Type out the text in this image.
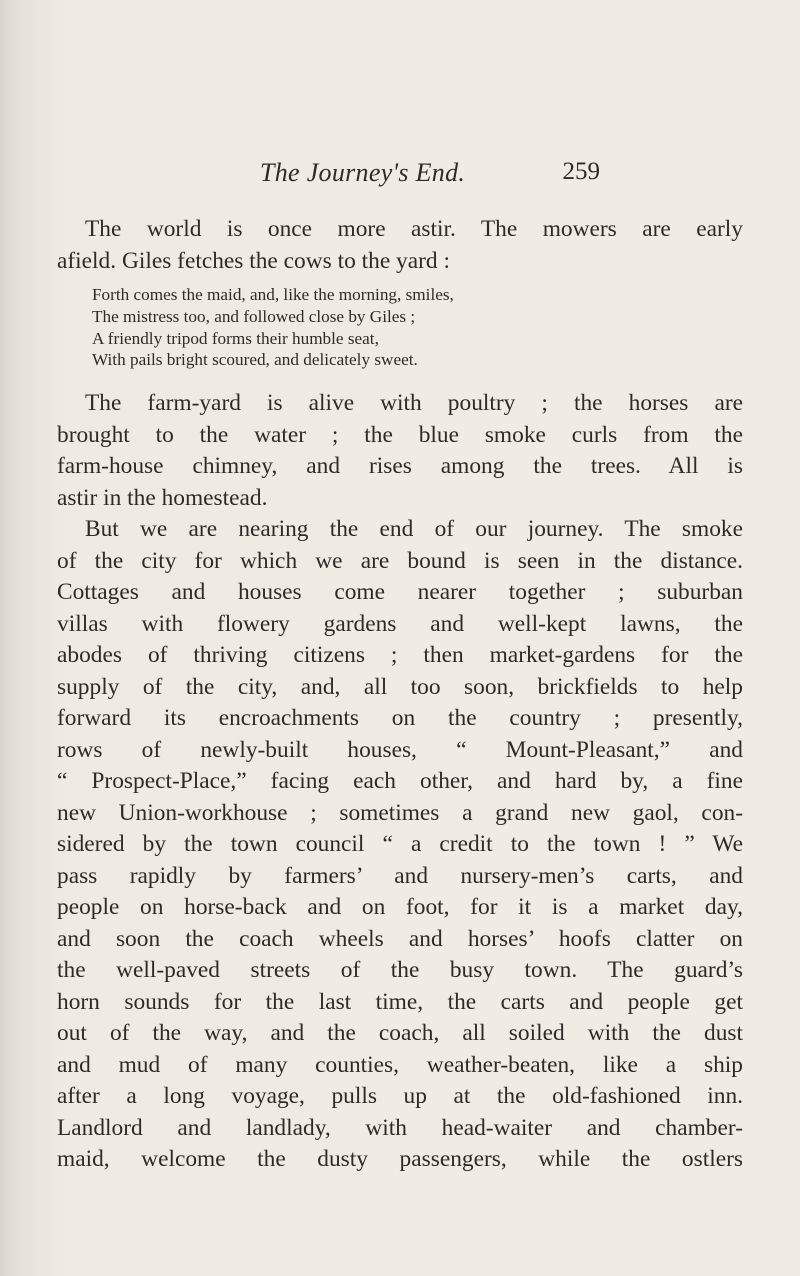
The Journey's End.	259
The world is once more astir. The mowers are early
afield. Giles fetches the cows to the yard :
Forth comes the maid, and, like the morning, smiles,
The mistress too, and followed close by Giles ;
A friendly tripod forms their humble seat,
With pails bright scoured, and delicately sweet.
The farm-yard is alive with poultry ; the horses are
brought to the water ; the blue smoke curls from the
farm-house chimney, and rises among the trees. All is
astir in the homestead.
But we are nearing the end of our journey. The smoke
of the city for which we are bound is seen in the distance.
Cottages and houses come nearer together ; suburban
villas with flowery gardens and well-kept lawns, the
abodes of thriving citizens ; then market-gardens for the
supply of the city, and, all too soon, brickfields to help
forward its encroachments on the country ; presently,
rows of newly-built houses, “ Mount-Pleasant,” and
“ Prospect-Place,” facing each other, and hard by, a fine
new Union-workhouse ; sometimes a grand new gaol, con-
sidered by the town council “ a credit to the town ! ” We
pass rapidly by farmers’ and nursery-men’s carts, and
people on horse-back and on foot, for it is a market day,
and soon the coach wheels and horses’ hoofs clatter on
the well-paved streets of the busy town. The guard’s
horn sounds for the last time, the carts and people get
out of the way, and the coach, all soiled with the dust
and mud of many counties, weather-beaten, like a ship
after a long voyage, pulls up at the old-fashioned inn.
Landlord and landlady, with head-waiter and chamber-
maid, welcome the dusty passengers, while the ostlers
